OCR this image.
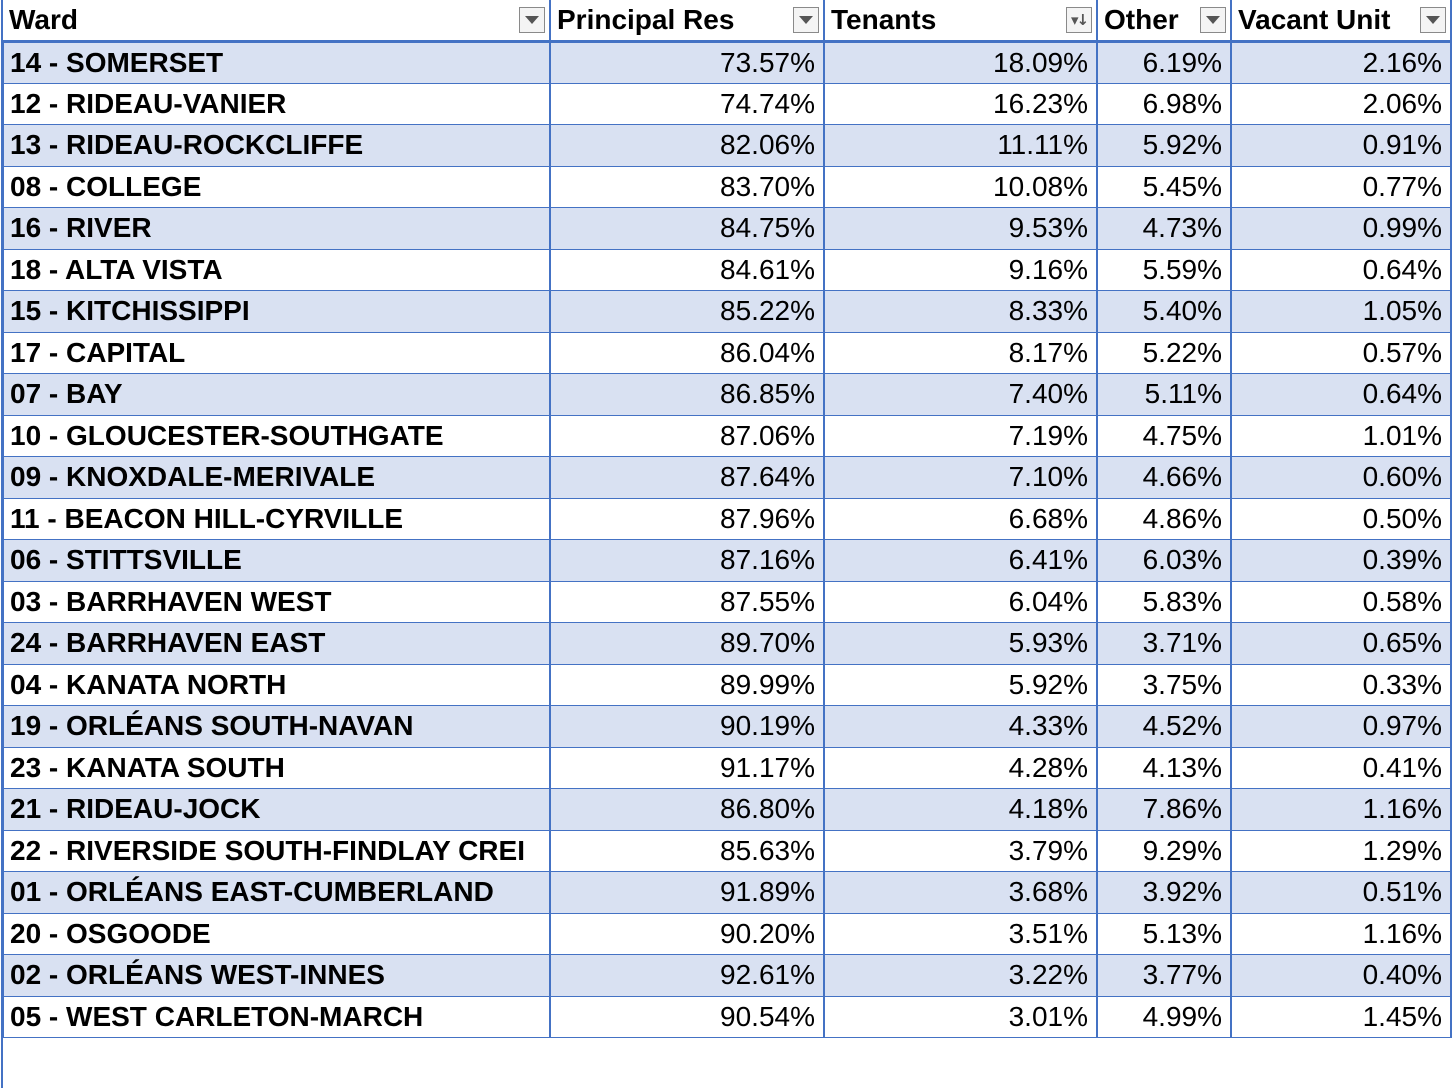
Ward	Principal Res	Tenants ▾↓	Other	Vacant Unit

14 - SOMERSET	73.57%	18.09%	6.19%	2.16%
12 - RIDEAU-VANIER	74.74%	16.23%	6.98%	2.06%
13 - RIDEAU-ROCKCLIFFE	82.06%	11.11%	5.92%	0.91%
08 - COLLEGE	83.70%	10.08%	5.45%	0.77%
16 - RIVER	84.75%	9.53%	4.73%	0.99%
18 - ALTA VISTA	84.61%	9.16%	5.59%	0.64%
15 - KITCHISSIPPI	85.22%	8.33%	5.40%	1.05%
17 - CAPITAL	86.04%	8.17%	5.22%	0.57%
07 - BAY	86.85%	7.40%	5.11%	0.64%
10 - GLOUCESTER-SOUTHGATE	87.06%	7.19%	4.75%	1.01%
09 - KNOXDALE-MERIVALE	87.64%	7.10%	4.66%	0.60%
11 - BEACON HILL-CYRVILLE	87.96%	6.68%	4.86%	0.50%
06 - STITTSVILLE	87.16%	6.41%	6.03%	0.39%
03 - BARRHAVEN WEST	87.55%	6.04%	5.83%	0.58%
24 - BARRHAVEN EAST	89.70%	5.93%	3.71%	0.65%
04 - KANATA NORTH	89.99%	5.92%	3.75%	0.33%
19 - ORLÉANS SOUTH-NAVAN	90.19%	4.33%	4.52%	0.97%
23 - KANATA SOUTH	91.17%	4.28%	4.13%	0.41%
21 - RIDEAU-JOCK	86.80%	4.18%	7.86%	1.16%
22 - RIVERSIDE SOUTH-FINDLAY CREI	85.63%	3.79%	9.29%	1.29%
01 - ORLÉANS EAST-CUMBERLAND	91.89%	3.68%	3.92%	0.51%
20 - OSGOODE	90.20%	3.51%	5.13%	1.16%
02 - ORLÉANS WEST-INNES	92.61%	3.22%	3.77%	0.40%
05 - WEST CARLETON-MARCH	90.54%	3.01%	4.99%	1.45%
